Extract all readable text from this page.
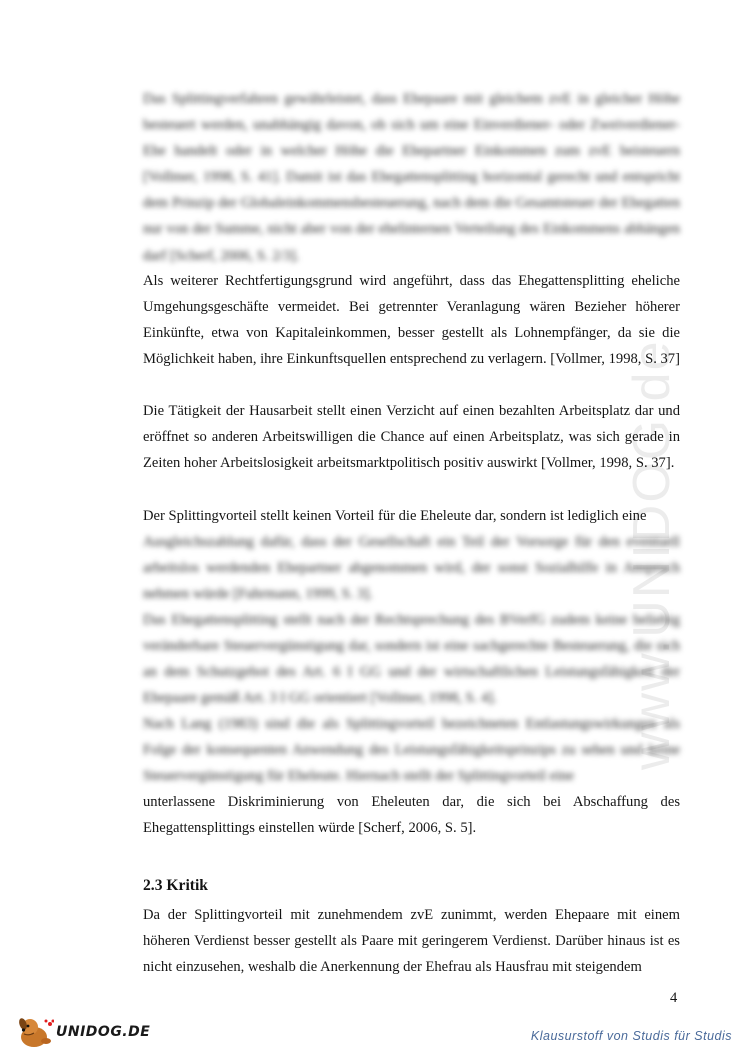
www.UNIDOG.de

Das Splittingverfahren gewährleistet, dass Ehepaare mit gleichem zvE in gleicher Höhe besteuert werden, unabhängig davon, ob sich um eine Einverdiener- oder Zweiverdiener-Ehe handelt oder in welcher Höhe die Ehepartner Einkommen zum zvE beisteuern [Vollmer, 1998, S. 41]. Damit ist das Ehegattensplitting horizontal gerecht und entspricht dem Prinzip der Globaleinkommensbesteuerung, nach dem die Gesamtsteuer der Ehegatten nur von der Summe, nicht aber von der ehelinternen Verteilung des Einkommens abhängen darf [Scherf, 2006, S. 2/3].

Als weiterer Rechtfertigungsgrund wird angeführt, dass das Ehegattensplitting eheliche Umgehungsgeschäfte vermeidet. Bei getrennter Veranlagung wären Bezieher höherer Einkünfte, etwa von Kapitaleinkommen, besser gestellt als Lohnempfänger, da sie die Möglichkeit haben, ihre Einkunftsquellen entsprechend zu verlagern. [Vollmer, 1998, S. 37]

Die Tätigkeit der Hausarbeit stellt einen Verzicht auf einen bezahlten Arbeitsplatz dar und eröffnet so anderen Arbeitswilligen die Chance auf einen Arbeitsplatz, was sich gerade in Zeiten hoher Arbeitslosigkeit arbeitsmarktpolitisch positiv auswirkt [Vollmer, 1998, S. 37].

Der Splittingvorteil stellt keinen Vorteil für die Eheleute dar, sondern ist lediglich eine

Ausgleichszahlung dafür, dass der Gesellschaft ein Teil der Vorsorge für den eventuell arbeitslos werdenden Ehepartner abgenommen wird, der sonst Sozialhilfe in Anspruch nehmen würde [Fuhrmann, 1999, S. 3].

Das Ehegattensplitting stellt nach der Rechtsprechung des BVerfG zudem keine beliebig veränderbare Steuervergünstigung dar, sondern ist eine sachgerechte Besteuerung, die sich an dem Schutzgebot des Art. 6 I GG und der wirtschaftlichen Leistungsfähigkeit der Ehepaare gemäß Art. 3 I GG orientiert [Vollmer, 1998, S. 4].

Nach Lang (1983) sind die als Splittingvorteil bezeichneten Entlastungswirkungen als Folge der konsequenten Anwendung des Leistungsfähigkeitsprinzips zu sehen und keine Steuervergünstigung für Eheleute. Hiernach stellt der Splittingvorteil eine

unterlassene Diskriminierung von Eheleuten dar, die sich bei Abschaffung des Ehegattensplittings einstellen würde [Scherf, 2006, S. 5].

2.3 Kritik

Da der Splittingvorteil mit zunehmendem zvE zunimmt, werden Ehepaare mit einem höheren Verdienst besser gestellt als Paare mit geringerem Verdienst. Darüber hinaus ist es nicht einzusehen, weshalb die Anerkennung der Ehefrau als Hausfrau mit steigendem

4
UNIDOG.DE	Klausurstoff von Studis für Studis
